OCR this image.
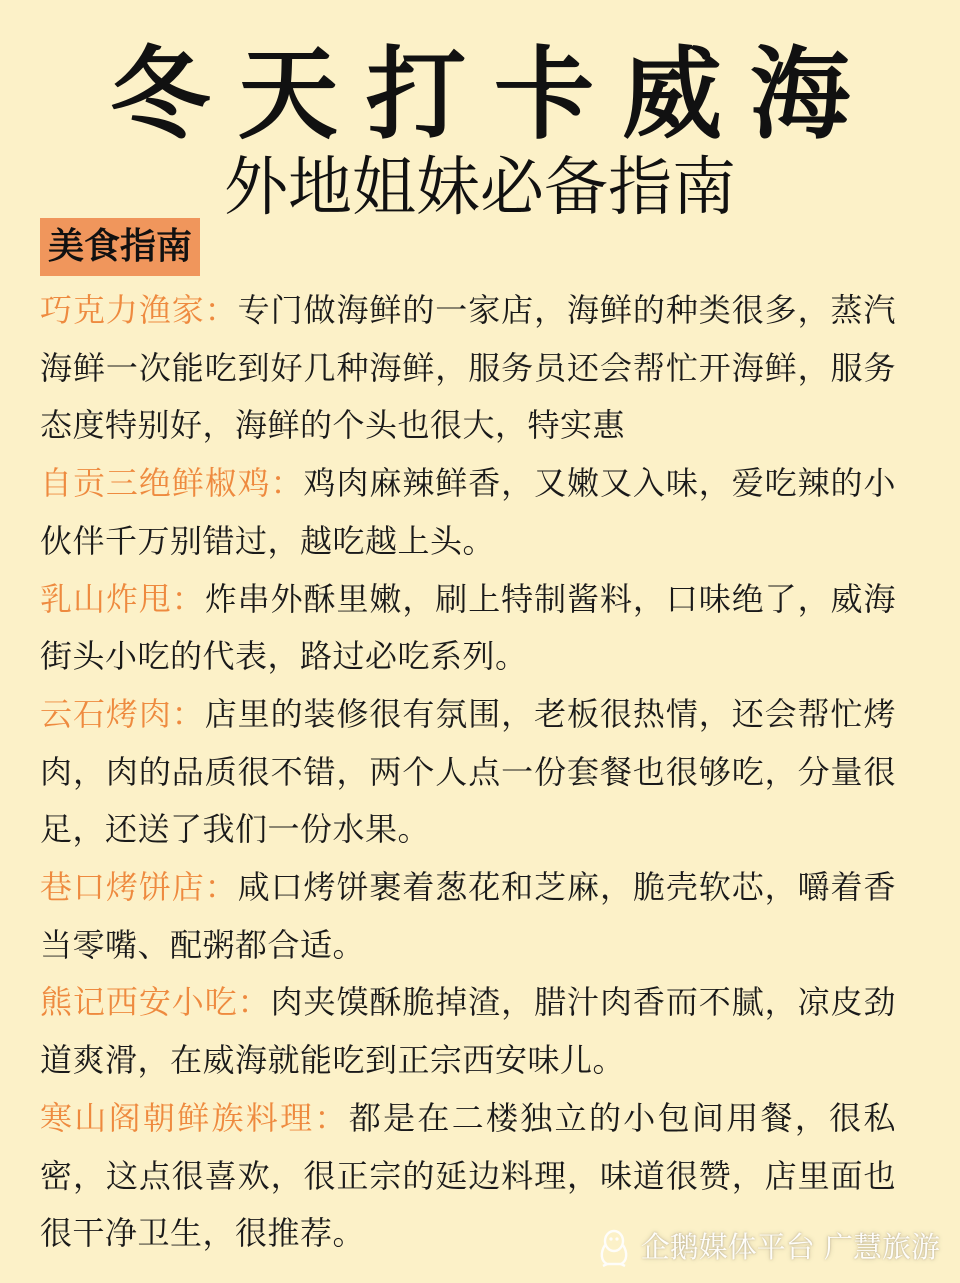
冬天打卡威海
外地姐妹必备指南
美食指南

巧克力渔家：专门做海鲜的一家店，海鲜的种类很多，蒸汽海鲜一次能吃到好几种海鲜，服务员还会帮忙开海鲜，服务态度特别好，海鲜的个头也很大，特实惠

自贡三绝鲜椒鸡：鸡肉麻辣鲜香，又嫩又入味，爱吃辣的小伙伴千万别错过，越吃越上头。

乳山炸甩：炸串外酥里嫩，刷上特制酱料，口味绝了，威海街头小吃的代表，路过必吃系列。

云石烤肉：店里的装修很有氛围，老板很热情，还会帮忙烤肉，肉的品质很不错，两个人点一份套餐也很够吃，分量很足，还送了我们一份水果。

巷口烤饼店：咸口烤饼裹着葱花和芝麻，脆壳软芯，嚼着香当零嘴、配粥都合适。

熊记西安小吃：肉夹馍酥脆掉渣，腊汁肉香而不腻，凉皮劲道爽滑，在威海就能吃到正宗西安味儿。

寒山阁朝鲜族料理：都是在二楼独立的小包间用餐，很私密，这点很喜欢，很正宗的延边料理，味道很赞，店里面也很干净卫生，很推荐。	企鹅媒体平台 广慧旅游
